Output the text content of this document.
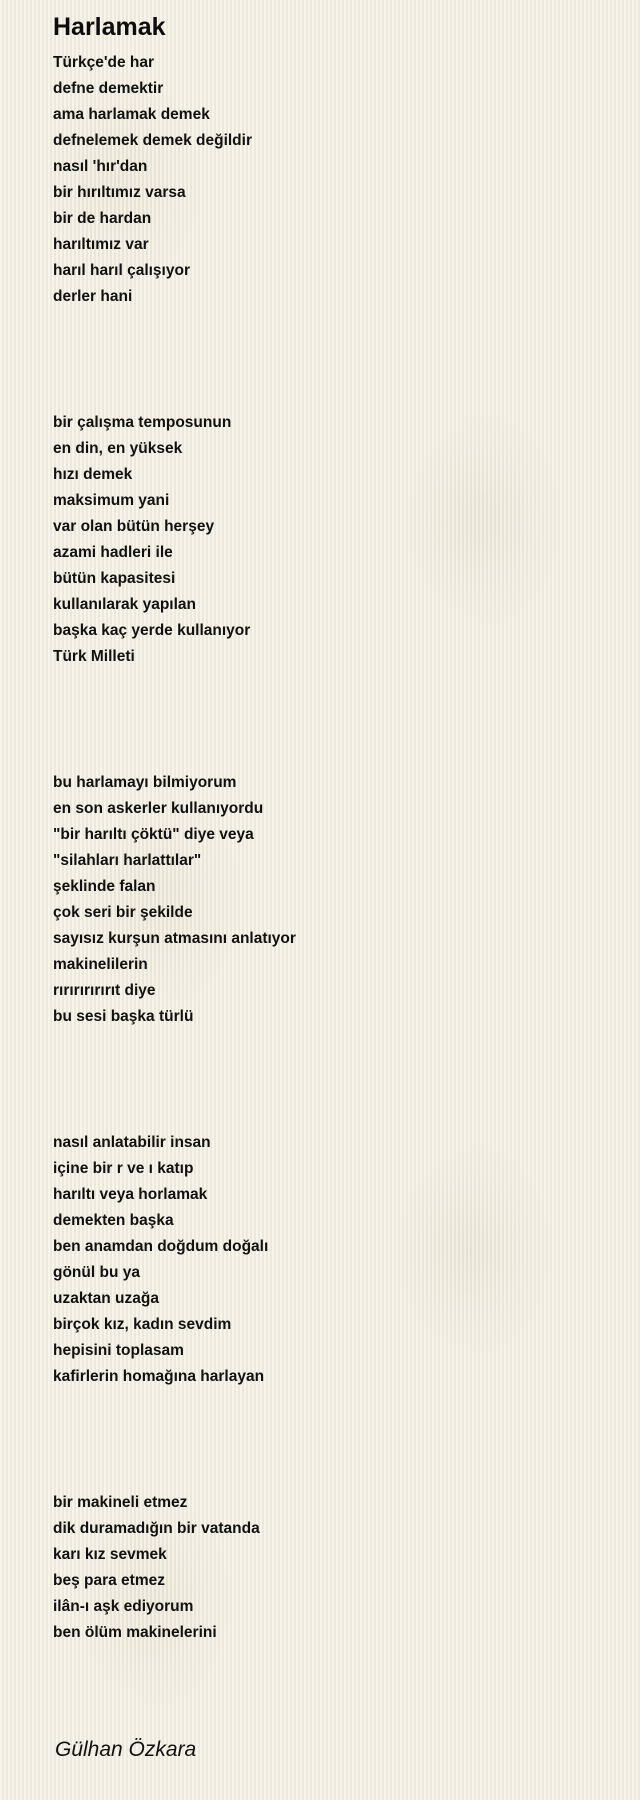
Harlamak
Türkçe'de har
defne demektir
ama harlamak demek
defnelemek demek değildir
nasıl 'hır'dan
bir hırıltımız varsa
bir de hardan
harıltımız var
harıl harıl çalışıyor
derler hani
bir çalışma temposunun
en din, en yüksek
hızı demek
maksimum yani
var olan bütün herşey
azami hadleri ile
bütün kapasitesi
kullanılarak yapılan
başka kaç yerde kullanıyor
Türk Milleti
bu harlamayı bilmiyorum
en son askerler kullanıyordu
"bir harıltı çöktü" diye veya
"silahları harlattılar"
şeklinde falan
çok seri bir şekilde
sayısız kurşun atmasını anlatıyor
makinelilerin
rırırırırırıt diye
bu sesi başka türlü
nasıl anlatabilir insan
içine bir r ve ı katıp
harıltı veya horlamak
demekten başka
ben anamdan doğdum doğalı
gönül bu ya
uzaktan uzağa
birçok kız, kadın sevdim
hepisini toplasam
kafirlerin homağına harlayan
bir makineli etmez
dik duramadığın bir vatanda
karı kız sevmek
beş para etmez
ilân-ı aşk ediyorum
ben ölüm makinelerini
Gülhan Özkara
